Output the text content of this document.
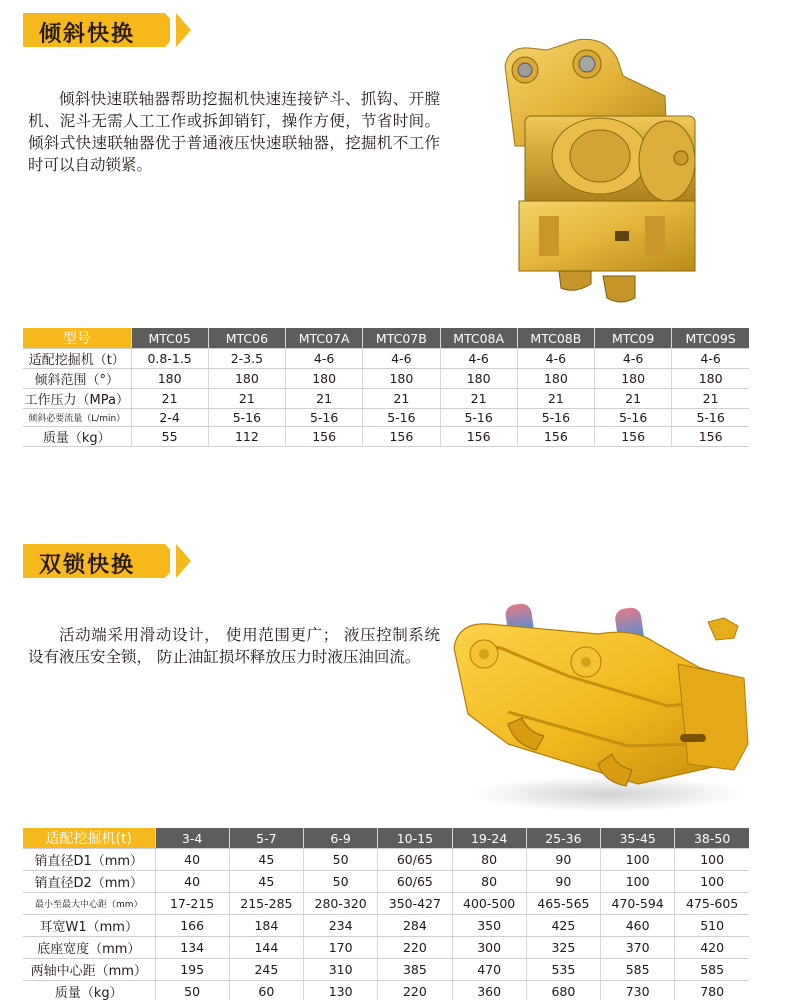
倾斜快换

倾斜快速联轴器帮助挖掘机快速连接铲斗、抓钩、开膛机、泥斗无需人工工作或拆卸销钉，操作方便，节省时间。倾斜式快速联轴器优于普通液压快速联轴器，挖掘机不工作时可以自动锁紧。

型号	MTC05	MTC06	MTC07A	MTC07B	MTC08A	MTC08B	MTC09	MTC09S
适配挖掘机（t）	0.8-1.5	2-3.5	4-6	4-6	4-6	4-6	4-6	4-6
倾斜范围（°）	180	180	180	180	180	180	180	180
工作压力（MPa）	21	21	21	21	21	21	21	21
倾斜必要流量（L/min）	2-4	5-16	5-16	5-16	5-16	5-16	5-16	5-16
质量（kg）	55	112	156	156	156	156	156	156
双锁快换

活动端采用滑动设计， 使用范围更广； 液压控制系统设有液压安全锁， 防止油缸损坏释放压力时液压油回流。

适配挖掘机(t)	3-4	5-7	6-9	10-15	19-24	25-36	35-45	38-50
销直径D1（mm）	40	45	50	60/65	80	90	100	100
销直径D2（mm）	40	45	50	60/65	80	90	100	100
最小至最大中心距（mm）	17-215	215-285	280-320	350-427	400-500	465-565	470-594	475-605
耳宽W1（mm）	166	184	234	284	350	425	460	510
底座宽度（mm）	134	144	170	220	300	325	370	420
两轴中心距（mm）	195	245	310	385	470	535	585	585
质量（kg）	50	60	130	220	360	680	730	780
